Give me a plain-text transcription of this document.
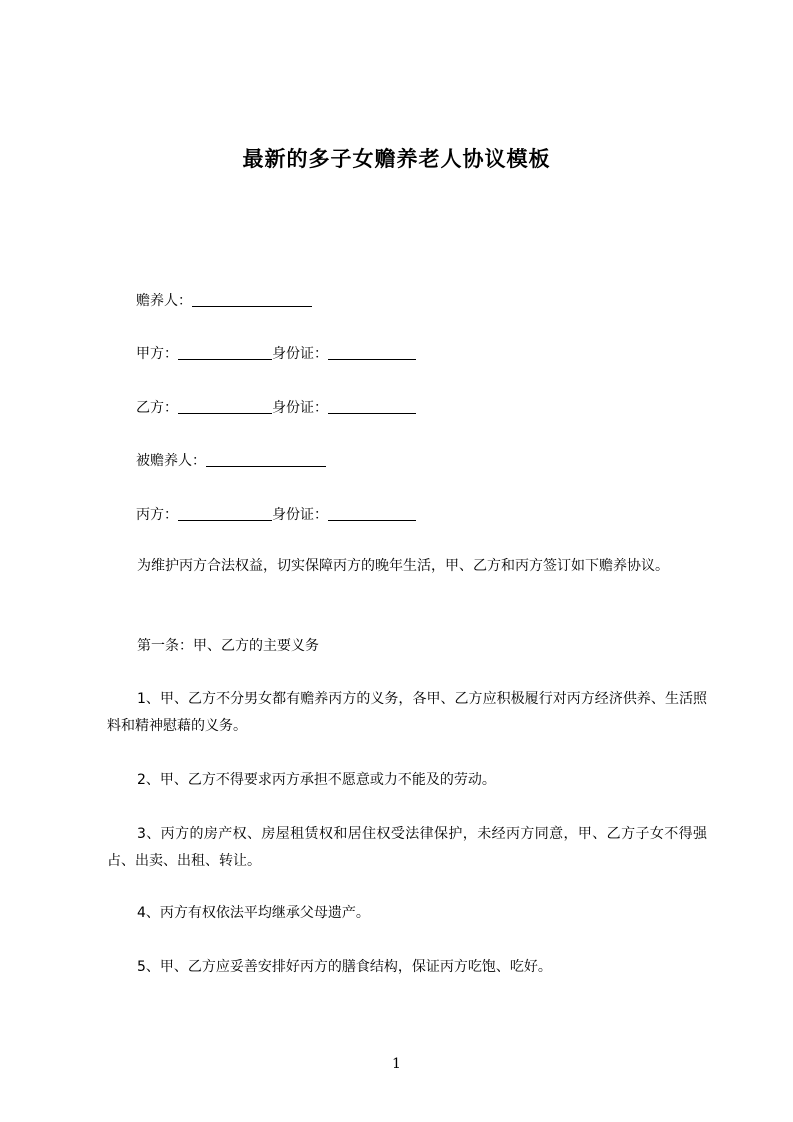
最新的多子女赡养老人协议模板
赡养人：
甲方：	身份证：
乙方：	身份证：
被赡养人：
丙方：	身份证：
为维护丙方合法权益，切实保障丙方的晚年生活，甲、乙方和丙方签订如下赡养协议。
第一条：甲、乙方的主要义务
1、甲、乙方不分男女都有赡养丙方的义务，各甲、乙方应积极履行对丙方经济供养、生活照料和精神慰藉的义务。
2、甲、乙方不得要求丙方承担不愿意或力不能及的劳动。
3、丙方的房产权、房屋租赁权和居住权受法律保护，未经丙方同意，甲、乙方子女不得强占、出卖、出租、转让。
4、丙方有权依法平均继承父母遗产。
5、甲、乙方应妥善安排好丙方的膳食结构，保证丙方吃饱、吃好。
1
